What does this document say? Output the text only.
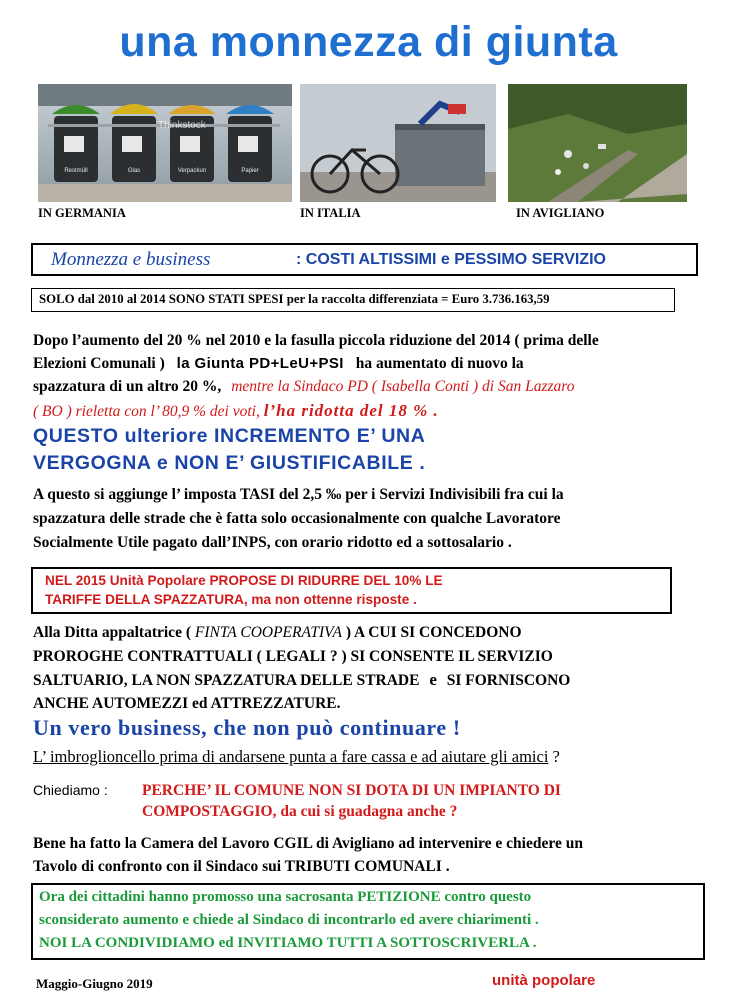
una monnezza di giunta
Restmüll	Glas	Verpackun	Papier
Thinkstock
IN GERMANIA	IN ITALIA	IN AVIGLIANO
Monnezza e business	: COSTI ALTISSIMI e PESSIMO SERVIZIO
SOLO dal 2010 al 2014 SONO STATI SPESI per la raccolta differenziata = Euro 3.736.163,59
Dopo l’aumento del 20 % nel 2010 e la fasulla piccola riduzione del 2014 ( prima delle
Elezioni Comunali ) la Giunta PD+LeU+PSI ha aumentato di nuovo la
spazzatura di un altro 20 %, mentre la Sindaco PD ( Isabella Conti ) di San Lazzaro
( BO ) rieletta con l’ 80,9 % dei voti, l’ha ridotta del 18 % .
QUESTO ulteriore INCREMENTO E’ UNA
VERGOGNA e NON E’ GIUSTIFICABILE .
A questo si aggiunge l’ imposta TASI del 2,5 ‰ per i Servizi Indivisibili fra cui la
spazzatura delle strade che è fatta solo occasionalmente con qualche Lavoratore
Socialmente Utile pagato dall’INPS, con orario ridotto ed a sottosalario .
NEL 2015 Unità Popolare PROPOSE DI RIDURRE DEL 10% LE
TARIFFE DELLA SPAZZATURA, ma non ottenne risposte .
Alla Ditta appaltatrice ( FINTA COOPERATIVA ) A CUI SI CONCEDONO
PROROGHE CONTRATTUALI ( LEGALI ? ) SI CONSENTE IL SERVIZIO
SALTUARIO, LA NON SPAZZATURA DELLE STRADE e SI FORNISCONO
ANCHE AUTOMEZZI ed ATTREZZATURE.
Un vero business, che non può continuare !
L’ imbroglioncello prima di andarsene punta a fare cassa e ad aiutare gli amici ?
Chiediamo : PERCHE’ IL COMUNE NON SI DOTA DI UN IMPIANTO DI
COMPOSTAGGIO, da cui si guadagna anche ?
Bene ha fatto la Camera del Lavoro CGIL di Avigliano ad intervenire e chiedere un
Tavolo di confronto con il Sindaco sui TRIBUTI COMUNALI .
Ora dei cittadini hanno promosso una sacrosanta PETIZIONE contro questo
sconsiderato aumento e chiede al Sindaco di incontrarlo ed avere chiarimenti .
NOI LA CONDIVIDIAMO ed INVITIAMO TUTTI A SOTTOSCRIVERLA .
Maggio-Giugno 2019	unità popolare
